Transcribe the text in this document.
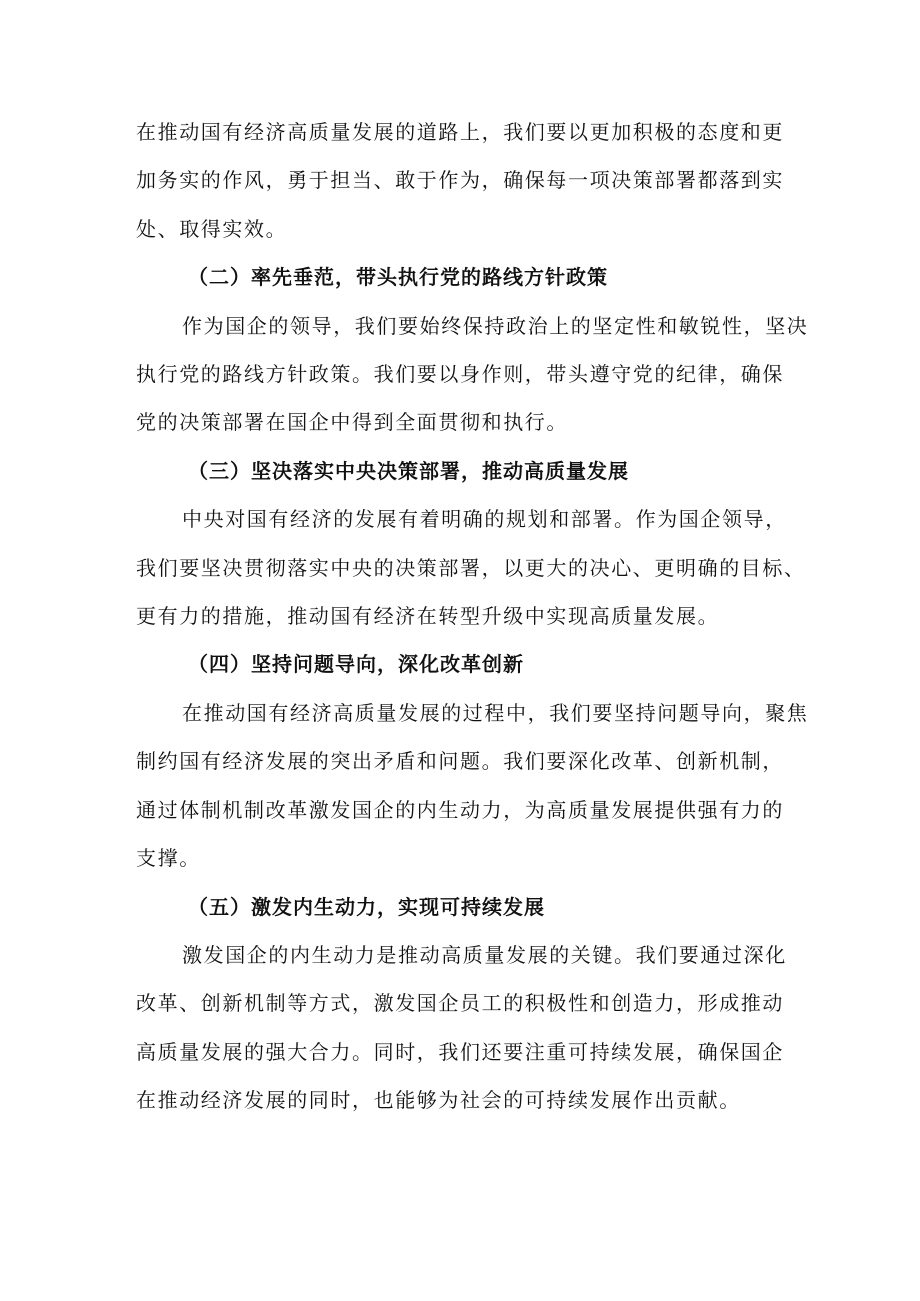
在推动国有经济高质量发展的道路上，我们要以更加积极的态度和更

加务实的作风，勇于担当、敢于作为，确保每一项决策部署都落到实

处、取得实效。

（二）率先垂范，带头执行党的路线方针政策

作为国企的领导，我们要始终保持政治上的坚定性和敏锐性，坚决

执行党的路线方针政策。我们要以身作则，带头遵守党的纪律，确保

党的决策部署在国企中得到全面贯彻和执行。

（三）坚决落实中央决策部署，推动高质量发展

中央对国有经济的发展有着明确的规划和部署。作为国企领导，

我们要坚决贯彻落实中央的决策部署，以更大的决心、更明确的目标、

更有力的措施，推动国有经济在转型升级中实现高质量发展。

（四）坚持问题导向，深化改革创新

在推动国有经济高质量发展的过程中，我们要坚持问题导向，聚焦

制约国有经济发展的突出矛盾和问题。我们要深化改革、创新机制，

通过体制机制改革激发国企的内生动力，为高质量发展提供强有力的

支撑。

（五）激发内生动力，实现可持续发展

激发国企的内生动力是推动高质量发展的关键。我们要通过深化

改革、创新机制等方式，激发国企员工的积极性和创造力，形成推动

高质量发展的强大合力。同时，我们还要注重可持续发展，确保国企

在推动经济发展的同时，也能够为社会的可持续发展作出贡献。
